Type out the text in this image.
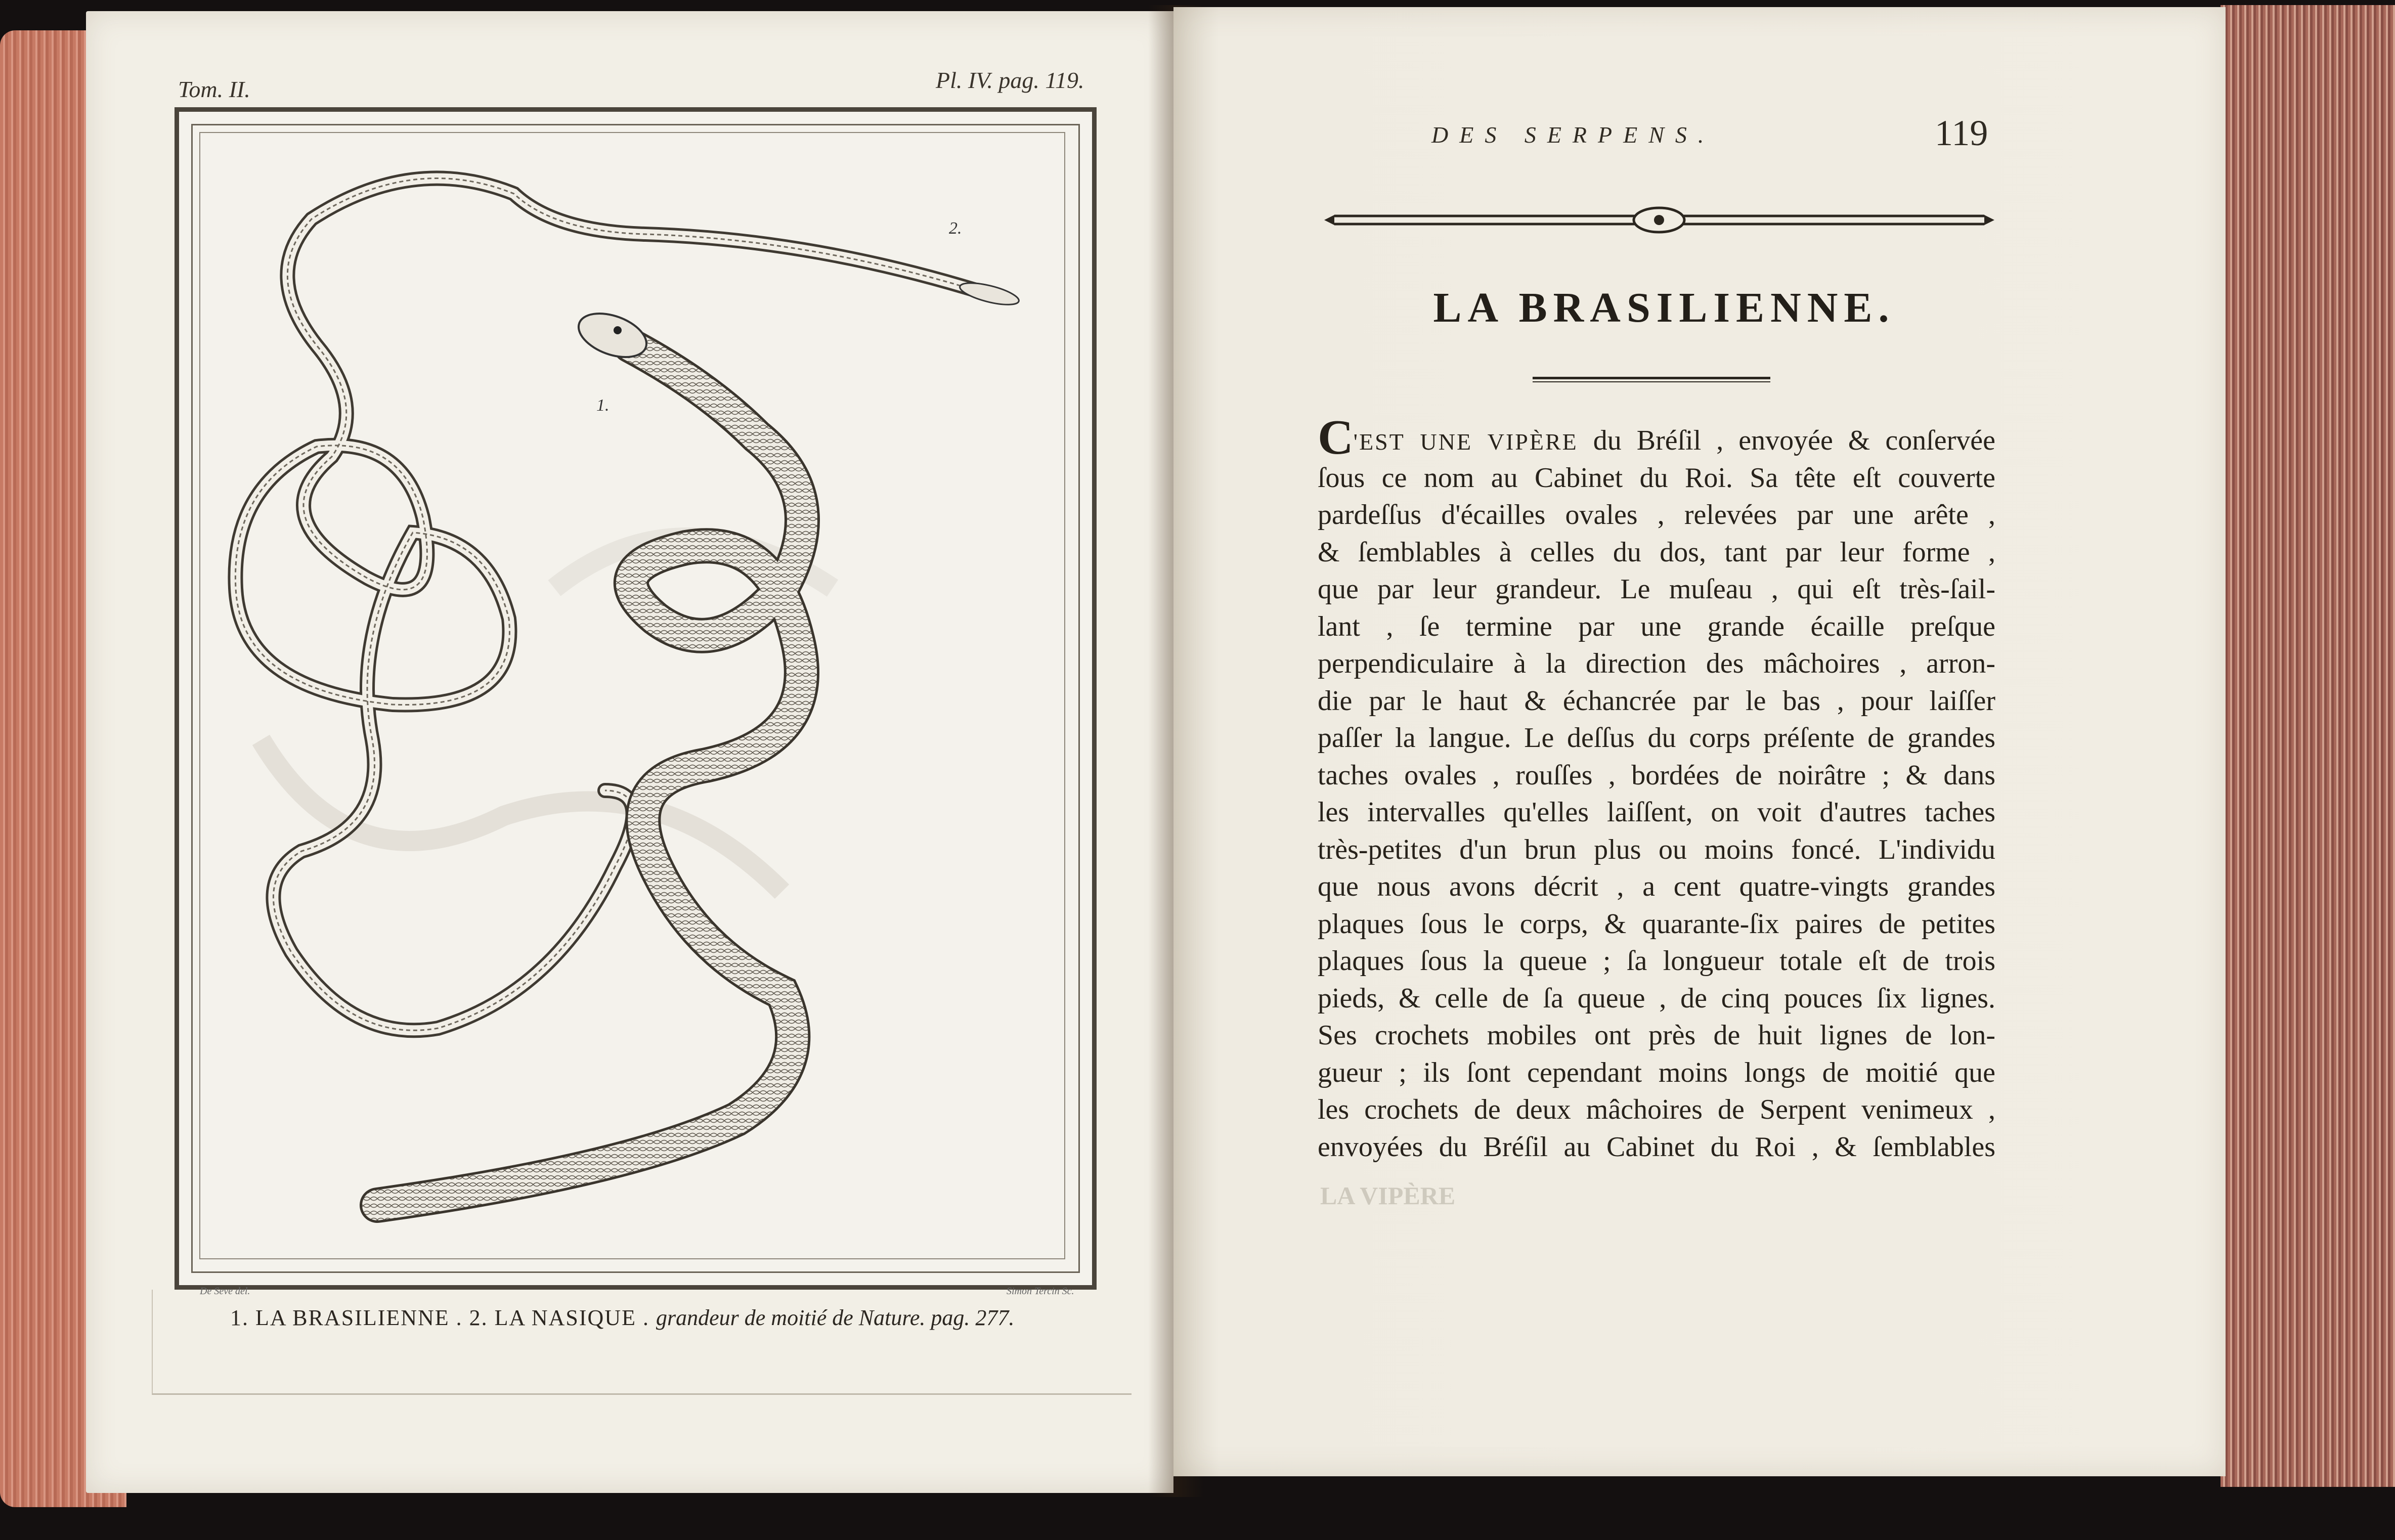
Tom. II.	Pl. IV. pag. 119.
2.
1.
De Seve del.	Simon Tercin Sc.
1. LA BRASILIENNE . 2. LA NASIQUE . grandeur de moitié de Nature. pag. 277.
LA VIPÈRE
DES SERPENS.	119
LA BRASILIENNE.
C'EST UNE VIPÈRE du Bréſil , envoyée & conſervée
ſous ce nom au Cabinet du Roi. Sa tête eſt couverte
pardeſſus d'écailles ovales , relevées par une arête ,
& ſemblables à celles du dos, tant par leur forme ,
que par leur grandeur. Le muſeau , qui eſt très-ſail-
lant , ſe termine par une grande écaille preſque
perpendiculaire à la direction des mâchoires , arron-
die par le haut & échancrée par le bas , pour laiſſer
paſſer la langue. Le deſſus du corps préſente de grandes
taches ovales , rouſſes , bordées de noirâtre ; & dans
les intervalles qu'elles laiſſent, on voit d'autres taches
très-petites d'un brun plus ou moins foncé. L'individu
que nous avons décrit , a cent quatre-vingts grandes
plaques ſous le corps, & quarante-ſix paires de petites
plaques ſous la queue ; ſa longueur totale eſt de trois
pieds, & celle de ſa queue , de cinq pouces ſix lignes.
Ses crochets mobiles ont près de huit lignes de lon-
gueur ; ils ſont cependant moins longs de moitié que
les crochets de deux mâchoires de Serpent venimeux ,
envoyées du Bréſil au Cabinet du Roi , & ſemblables
